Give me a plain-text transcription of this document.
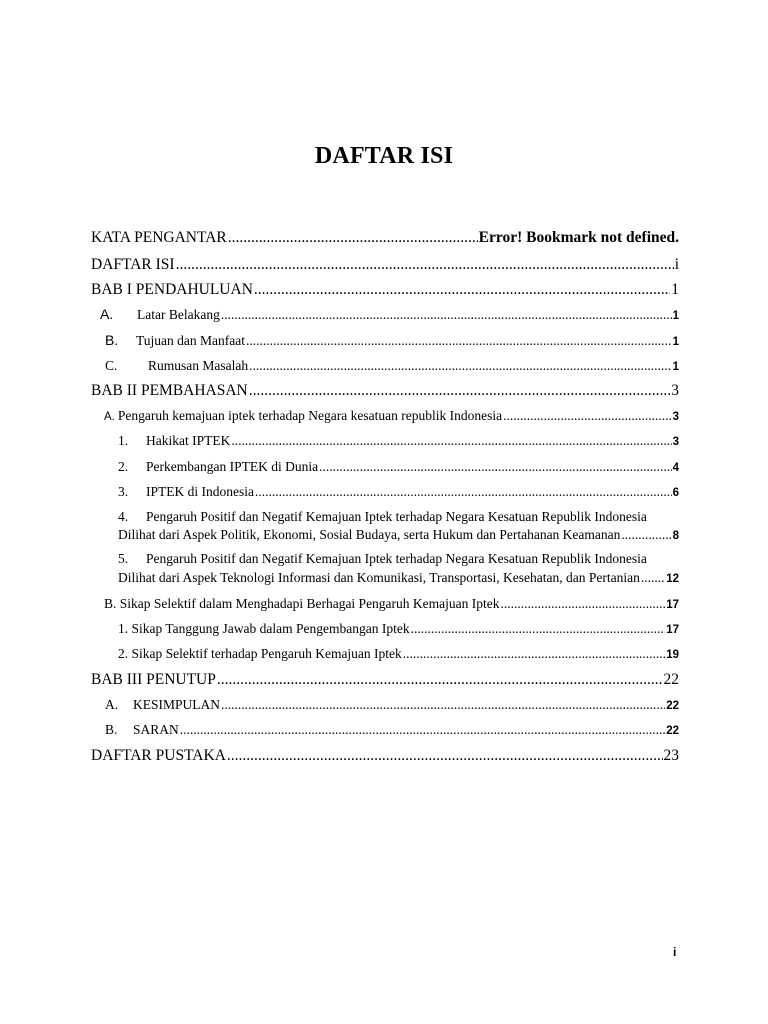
DAFTAR ISI
KATA PENGANTAR .....	Error! Bookmark not defined.
DAFTAR ISI .....	i
BAB I PENDAHULUAN .....	1
A.	Latar Belakang .....	1
B.	Tujuan dan Manfaat .....	1
C.	Rumusan Masalah .....	1
BAB II PEMBAHASAN .....	3
A. Pengaruh kemajuan iptek terhadap Negara kesatuan republik Indonesia .....	3
1.	Hakikat IPTEK .....	3
2.	Perkembangan IPTEK di Dunia .....	4
3.	IPTEK di Indonesia .....	6
4. Pengaruh Positif dan Negatif Kemajuan Iptek terhadap Negara Kesatuan Republik Indonesia
Dilihat dari Aspek Politik, Ekonomi, Sosial Budaya, serta Hukum dan Pertahanan Keamanan .....	8
5. Pengaruh Positif dan Negatif Kemajuan Iptek terhadap Negara Kesatuan Republik Indonesia
Dilihat dari Aspek Teknologi Informasi dan Komunikasi, Transportasi, Kesehatan, dan Pertanian ..... 12
B. Sikap Selektif dalam Menghadapi Berhagai Pengaruh Kemajuan Iptek .....	17
1. Sikap Tanggung Jawab dalam Pengembangan Iptek .....	17
2. Sikap Selektif terhadap Pengaruh Kemajuan Iptek .....	19
BAB III PENUTUP .....	22
A.	KESIMPULAN .....	22
B.	SARAN .....	22
DAFTAR PUSTAKA .....	23
i
